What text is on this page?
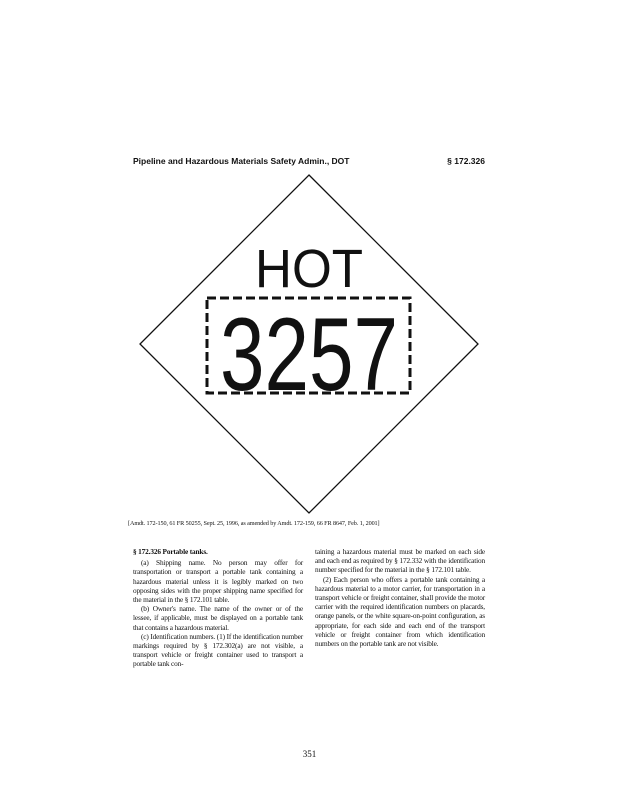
Pipeline and Hazardous Materials Safety Admin., DOT	§ 172.326
HOT
3257
[Amdt. 172-150, 61 FR 50255, Sept. 25, 1996, as amended by Amdt. 172-159, 66 FR 8647, Feb. 1, 2001]
§ 172.326 Portable tanks.

(a) Shipping name. No person may offer for transportation or transport a portable tank containing a hazardous material unless it is legibly marked on two opposing sides with the proper shipping name specified for the material in the § 172.101 table.

(b) Owner's name. The name of the owner or of the lessee, if applicable, must be displayed on a portable tank that contains a hazardous material.

(c) Identification numbers. (1) If the identification number markings required by § 172.302(a) are not visible, a transport vehicle or freight container used to transport a portable tank con-

taining a hazardous material must be marked on each side and each end as required by § 172.332 with the identification number specified for the material in the § 172.101 table.

(2) Each person who offers a portable tank containing a hazardous material to a motor carrier, for transportation in a transport vehicle or freight container, shall provide the motor carrier with the required identification numbers on placards, orange panels, or the white square-on-point configuration, as appropriate, for each side and each end of the transport vehicle or freight container from which identification numbers on the portable tank are not visible.

351
